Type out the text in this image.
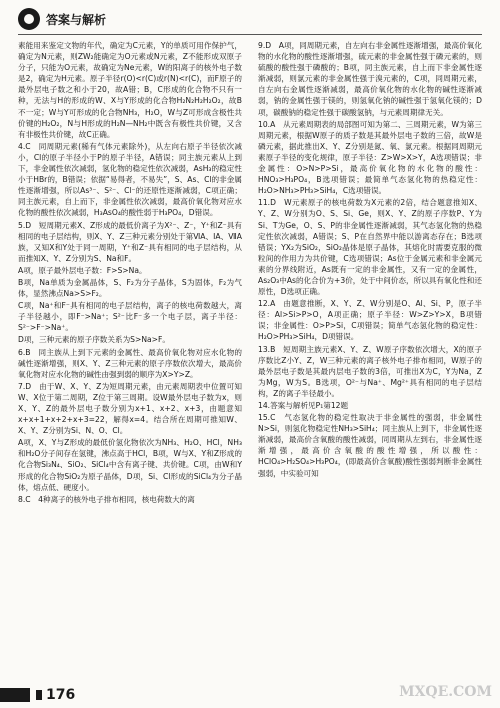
答案与解析

素能用来鉴定文物的年代，确定为C元素，Y的单质可用作保护气，确定为N元素，则ZW₂能确定为O元素或N元素，Z不能形成双原子分子，只能为O元素，故确定为Ne元素，W的阳离子的核外电子数是2，确定为H元素。原子半径r(O)<r(C)或r(N)<r(C)，而F原子的最外层电子数之和小于20，故A错；B，C形成的化合物不只有一种，无法与H的形成的W、X与Y形成的化合物H₂N₂H₂H₂O₂，故B不一定；W与Y可形成的化合物NH₃，H₂O，W与Z可形成含极性共价键的H₂O₂，N与H形成的H₂N—NH₂中既含有极性共价键，又含有非极性共价键，故C正确。

4.C　同周期元素(稀有气体元素除外)，从左向右原子半径依次减小，Cl的原子半径小于P的原子半径，A错误；同主族元素从上到下，非金属性依次减弱，氢化物的稳定性依次减弱，AsH₃的稳定性小于HBr的，B错误；依据“易得者，不易失”，S、As、Cl的非金属性逐渐增强，所以As³⁻、S²⁻、Cl⁻的还原性逐渐减弱，C项正确；同主族元素，自上而下，非金属性依次减弱，最高价氧化物对应水化物的酸性依次减弱，H₃AsO₄的酸性弱于H₃PO₄，D错误。

5.D　短周期元素X、Z形成的最低价离子为X²⁻、Z⁻，Y⁺和Z⁻具有相同的电子层结构，则X、Y、Z三种元素分别处于第ⅥA、ⅠA、ⅦA族，又知X和Y处于同一周期，Y⁺和Z⁻具有相同的电子层结构，从而推知X、Y、Z分别为S、Na和F。

A项，原子最外层电子数：F>S>Na。

B项，Na单质为金属晶体，S、F₂为分子晶体，S为固体，F₂为气体，显然沸点Na>S>F₂。

C项，Na⁺和F⁻具有相同的电子层结构，离子的核电荷数越大，离子半径越小，即F⁻>Na⁺；S²⁻比F⁻多一个电子层，离子半径：S²⁻>F⁻>Na⁺。

D项，三种元素的原子序数关系为S>Na>F。

6.B　同主族从上到下元素的金属性、最高价氧化物对应水化物的碱性逐渐增强，则X、Y、Z三种元素的原子序数依次增大，最高价氧化物对应水化物的碱性由强到弱的顺序为X>Y>Z。

7.D　由于W、X、Y、Z为短周期元素，由元素周期表中位置可知W、X位于第二周期，Z位于第三周期。设W最外层电子数为x，则X、Y、Z的最外层电子数分别为x+1、x+2、x+3，由题意知x+x+1+x+2+x+3=22，解得x=4。结合所在周期可推知W、X、Y、Z分别为Si、N、O、Cl。

A项，X、Y与Z形成的最低价氢化物依次为NH₃、H₂O、HCl，NH₃和H₂O分子间存在氢键，沸点高于HCl，B项，W与X、Y和Z形成的化合物Si₃N₄、SiO₂、SiCl₄中含有离子键、共价键。C项，由W和Y形成的化合物SiO₂为原子晶体，D项，Si、Cl形成的SiCl₄为分子晶体，熔点低、硬度小。

8.C　4种离子的核外电子排布相同，核电荷数大的离

9.D　A项，同周期元素，自左向右非金属性逐渐增强，最高价氧化物的水化物的酸性逐渐增强，硫元素的非金属性强于磷元素的，则硫酸的酸性强于磷酸的；B项，同主族元素，自上而下非金属性逐渐减弱，则氯元素的非金属性强于溴元素的，C项，同周期元素，自左向右金属性逐渐减弱，最高价氧化物的水化物的碱性逐渐减弱，钠的金属性强于镁的，则氢氧化钠的碱性强于氢氧化镁的；D项，碳酸钠的稳定性强于碳酸氢钠，与元素周期律无关。

10.A　从元素周期表的局部图可知为第二、三周期元素，W为第三周期元素，根据W原子的质子数是其最外层电子数的三倍，故W是磷元素，据此推出X、Y、Z分别是氮、氧、氯元素。根据同周期元素原子半径的变化规律，原子半径：Z>W>X>Y，A选项错误；非金属性：O>N>P>Si，最高价氧化物的水化物的酸性：HNO₃>H₃PO₄，B选项错误；最简单气态氢化物的热稳定性：H₂O>NH₃>PH₃>SiH₄，C选项错误。

11.D　W元素原子的核电荷数为X元素的2倍，结合题意推知X、Y、Z、W分别为O、S、Si、Ge，则X、Y、Z的原子序数P、Y为Si、T为Ge，O、S、P的非金属性逐渐减弱，其气态氢化物的热稳定性依次减弱，A错误；S、P在自然界中能以游离态存在；B选项错误；YX₂为SiO₂，SiO₂晶体是原子晶体，其熔化时需要克服的微粒间的作用力为共价键，C选项错误；As位于金属元素和非金属元素的分界线附近，As既有一定的非金属性，又有一定的金属性，As₂O₃中As的化合价为+3价，处于中间价态，所以具有氧化性和还原性，D选项正确。

12.A　由题意推断，X、Y、Z、W分别是O、Al、Si、P，原子半径：Al>Si>P>O，A项正确；原子半径：W>Z>Y>X，B项错误；非金属性：O>P>Si，C项错误；简单气态氢化物的稳定性：H₂O>PH₃>SiH₄，D项错误。

13.B　短周期主族元素X、Y、Z、W原子序数依次增大，X的原子序数比Z小Y、Z，W三种元素的离子核外电子排布相同，W原子的最外层电子数是其最内层电子数的3倍，可推出X为C，Y为Na，Z为Mg，W为S。B选项，O²⁻与Na⁺、Mg²⁺具有相同的电子层结构，Z的离子半径最小。

14.答案与解析见P₁第12题

15.C　气态氢化物的稳定性取决于非金属性的强弱，非金属性N>Si，则氢化物稳定性NH₃>SiH₄；同主族从上到下，非金属性逐渐减弱，最高价含氧酸的酸性减弱，同周期从左到右，非金属性逐渐增强，最高价含氧酸的酸性增强，所以酸性：HClO₄>H₂SO₄>H₃PO₄，(即最高价含氧酸)酸性强弱判断非金属性强弱，中实验可知

176	MXQE.COM
